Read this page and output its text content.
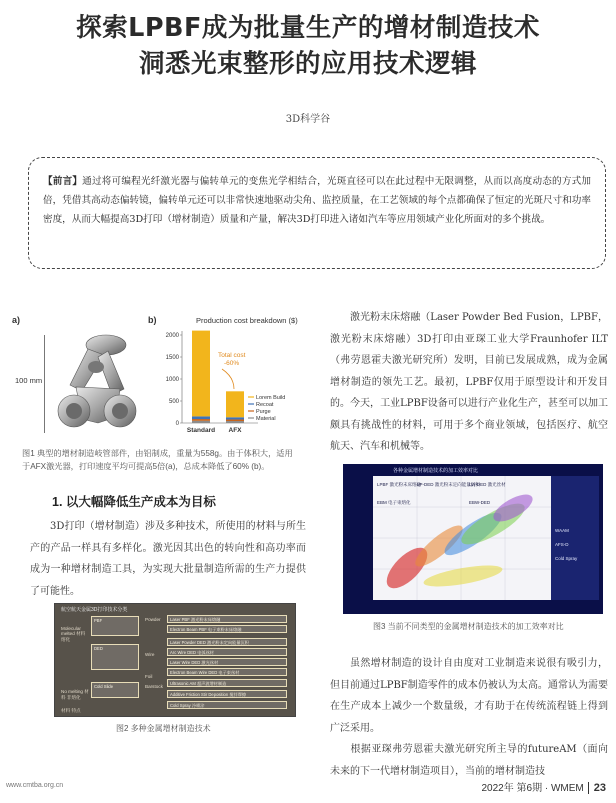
探索LPBF成为批量生产的增材制造技术
洞悉光束整形的应用技术逻辑
3D科学谷
【前言】通过将可编程光纤激光器与偏转单元的变焦光学相结合，光斑直径可以在此过程中无限调整，从而以高度动态的方式加倍，凭借其高动态偏转镜，偏转单元还可以非常快速地驱动尖角、监控质量，在工艺领域的每个点都确保了恒定的光斑尺寸和功率密度，从而大幅提高3D打印（增材制造）质量和产量，解决3D打印进入诸如汽车等应用领域产业化所面对的多个挑战。
a)	b)
100 mm
Production cost breakdown ($)
0
500
1000
1500
2000
Standard AFX
Total cost
-60%
Lorem Build
Recoat
Purge
Material
图1 典型的增材制造岐管部件，由铝制成，重量为558g。由于体积大，适用于AFX激光器，打印速度平均可提高5倍(a)，总成本降低了60% (b)。
1. 以大幅降低生产成本为目标
3D打印（增材制造）涉及多种技术，所使用的材料与所生产的产品一样具有多样化。激光因其出色的转向性和高功率而成为一种增材制造工具，为实现大批量制造所需的生产力提供了可能性。
航空航天金属3D打印技术分类
Molecular melted 材料 熔化
No melting 材料 非熔化
材料 特点
PBF
DED
Cold Slide
Powder
Wire
Foil
Barstock
Laser PBF 激光粉末床熔融
Electron Beam PBF 电子束粉末床熔融
Laser Powder DED 激光粉末定向能量沉积
Arc Wire DED 电弧丝材
Laser Wire DED 激光丝材
Electron Beam Wire DED 电子束丝材
Ultrasonic AM 超声波增材制造
Additive Friction Stir Deposition 搅拌摩擦
Cold Spray 冷喷涂
图2 多种金属增材制造技术
激光粉末床熔融（Laser Powder Bed Fusion，LPBF，激光粉末床熔融）3D打印由亚琛工业大学Fraunhofer ILT（弗劳恩霍夫激光研究所）发明，目前已发展成熟，成为金属增材制造的领先工艺。最初，LPBF仅用于原型设计和开发目的。今天，工业LPBF设备可以进行产业化生产，甚至可以加工颇具有挑战性的材料，可用于多个商业领域，包括医疗、航空航天、汽车和机械等。
各种金属增材制造技术的加工效率对比
LPBF 激光粉末床熔融
LP-DED 激光粉末定向能量沉积
LW-DED 激光丝材
EBM 电子束熔化	EBW-DED
WAAM
AFS-D
Cold Spray
图3 当前不同类型的金属增材制造技术的加工效率对比
虽然增材制造的设计自由度对工业制造来说很有吸引力，但目前通过LPBF制造零件的成本仍被认为太高。通常认为需要在生产成本上减少一个数量级，才有助于在传统流程链上得到广泛采用。
根据亚琛弗劳恩霍夫激光研究所主导的futureAM（面向未来的下一代增材制造项目），当前的增材制造技
www.cmtba.org.cn	2022年 第6期 · WMEM 23
